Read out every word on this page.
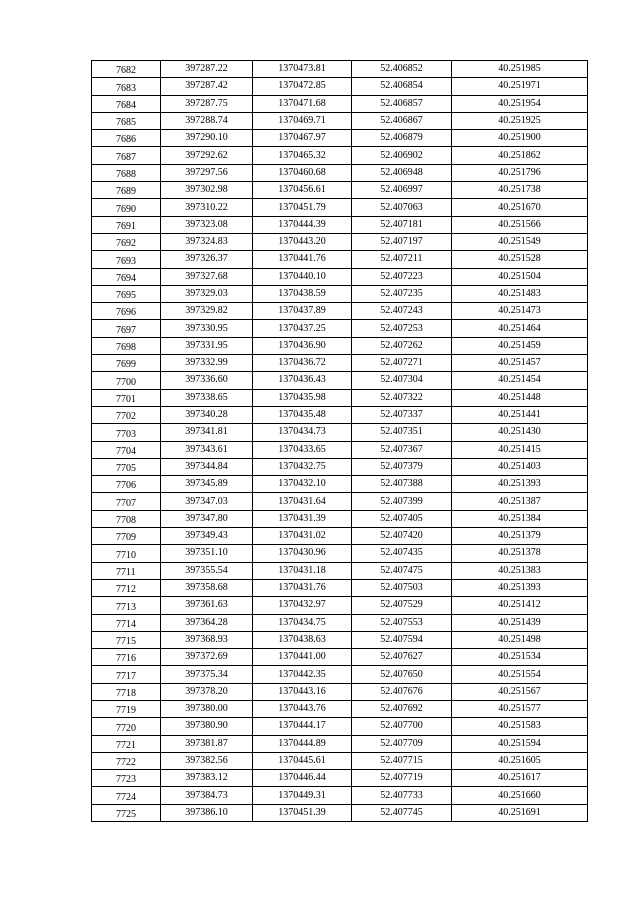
7682	397287.22	1370473.81	52.406852	40.251985
7683	397287.42	1370472.85	52.406854	40.251971
7684	397287.75	1370471.68	52.406857	40.251954
7685	397288.74	1370469.71	52.406867	40.251925
7686	397290.10	1370467.97	52.406879	40.251900
7687	397292.62	1370465.32	52.406902	40.251862
7688	397297.56	1370460.68	52.406948	40.251796
7689	397302.98	1370456.61	52.406997	40.251738
7690	397310.22	1370451.79	52.407063	40.251670
7691	397323.08	1370444.39	52.407181	40.251566
7692	397324.83	1370443.20	52.407197	40.251549
7693	397326.37	1370441.76	52.407211	40.251528
7694	397327.68	1370440.10	52.407223	40.251504
7695	397329.03	1370438.59	52.407235	40.251483
7696	397329.82	1370437.89	52.407243	40.251473
7697	397330.95	1370437.25	52.407253	40.251464
7698	397331.95	1370436.90	52.407262	40.251459
7699	397332.99	1370436.72	52.407271	40.251457
7700	397336.60	1370436.43	52.407304	40.251454
7701	397338.65	1370435.98	52.407322	40.251448
7702	397340.28	1370435.48	52.407337	40.251441
7703	397341.81	1370434.73	52.407351	40.251430
7704	397343.61	1370433.65	52.407367	40.251415
7705	397344.84	1370432.75	52.407379	40.251403
7706	397345.89	1370432.10	52.407388	40.251393
7707	397347.03	1370431.64	52.407399	40.251387
7708	397347.80	1370431.39	52.407405	40.251384
7709	397349.43	1370431.02	52.407420	40.251379
7710	397351.10	1370430.96	52.407435	40.251378
7711	397355.54	1370431.18	52.407475	40.251383
7712	397358.68	1370431.76	52.407503	40.251393
7713	397361.63	1370432.97	52.407529	40.251412
7714	397364.28	1370434.75	52.407553	40.251439
7715	397368.93	1370438.63	52.407594	40.251498
7716	397372.69	1370441.00	52.407627	40.251534
7717	397375.34	1370442.35	52.407650	40.251554
7718	397378.20	1370443.16	52.407676	40.251567
7719	397380.00	1370443.76	52.407692	40.251577
7720	397380.90	1370444.17	52.407700	40.251583
7721	397381.87	1370444.89	52.407709	40.251594
7722	397382.56	1370445.61	52.407715	40.251605
7723	397383.12	1370446.44	52.407719	40.251617
7724	397384.73	1370449.31	52.407733	40.251660
7725	397386.10	1370451.39	52.407745	40.251691
